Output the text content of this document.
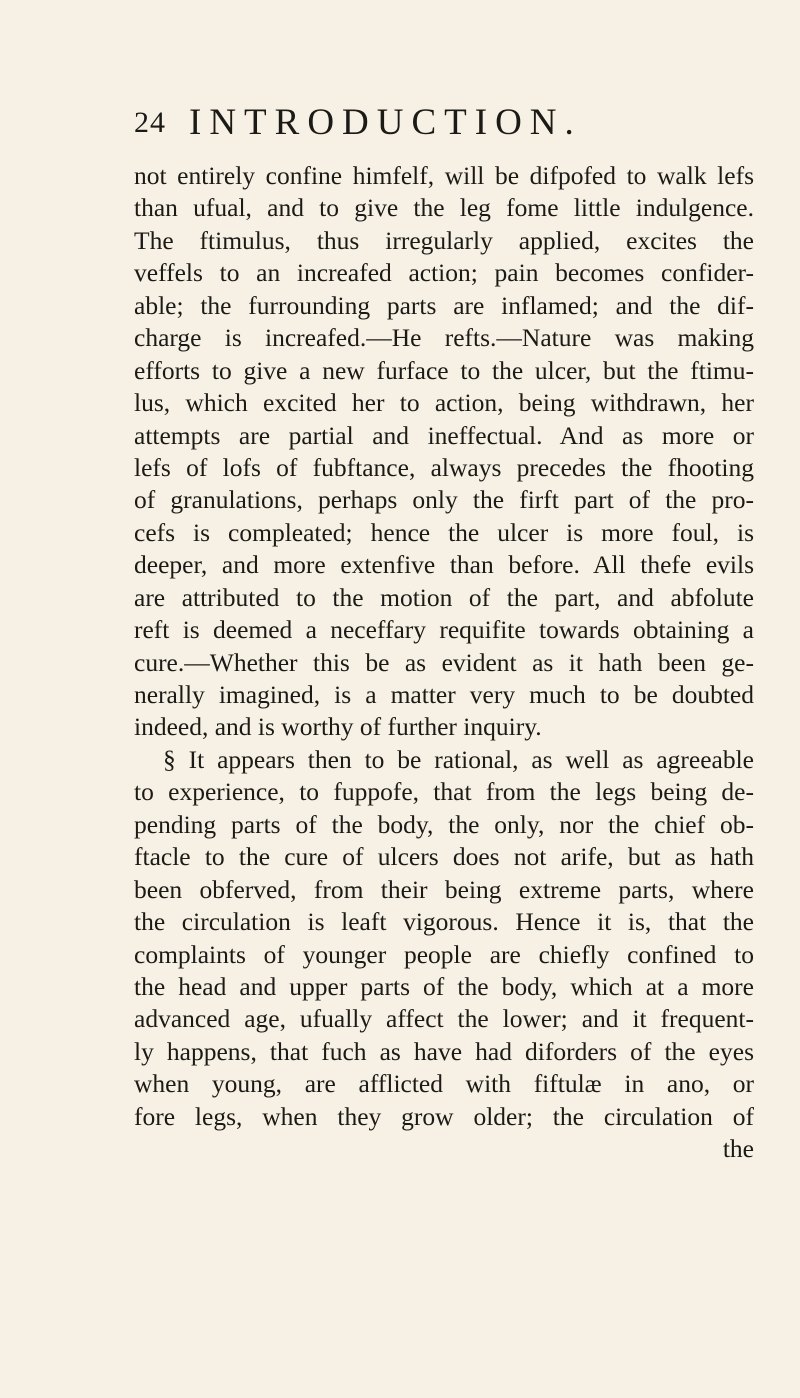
24 INTRODUCTION.
not entirely confine himfelf, will be difpofed to walk lefs
than ufual, and to give the leg fome little indulgence.
The ftimulus, thus irregularly applied, excites the
veffels to an increafed action; pain becomes confider-
able; the furrounding parts are inflamed; and the dif-
charge is increafed.—He refts.—Nature was making
efforts to give a new furface to the ulcer, but the ftimu-
lus, which excited her to action, being withdrawn, her
attempts are partial and ineffectual. And as more or
lefs of lofs of fubftance, always precedes the fhooting
of granulations, perhaps only the firft part of the pro-
cefs is compleated; hence the ulcer is more foul, is
deeper, and more extenfive than before. All thefe evils
are attributed to the motion of the part, and abfolute
reft is deemed a neceffary requifite towards obtaining a
cure.—Whether this be as evident as it hath been ge-
nerally imagined, is a matter very much to be doubted
indeed, and is worthy of further inquiry.
§ It appears then to be rational, as well as agreeable
to experience, to fuppofe, that from the legs being de-
pending parts of the body, the only, nor the chief ob-
ftacle to the cure of ulcers does not arife, but as hath
been obferved, from their being extreme parts, where
the circulation is leaft vigorous. Hence it is, that the
complaints of younger people are chiefly confined to
the head and upper parts of the body, which at a more
advanced age, ufually affect the lower; and it frequent-
ly happens, that fuch as have had diforders of the eyes
when young, are afflicted with fiftulæ in ano, or
fore legs, when they grow older; the circulation of
the
